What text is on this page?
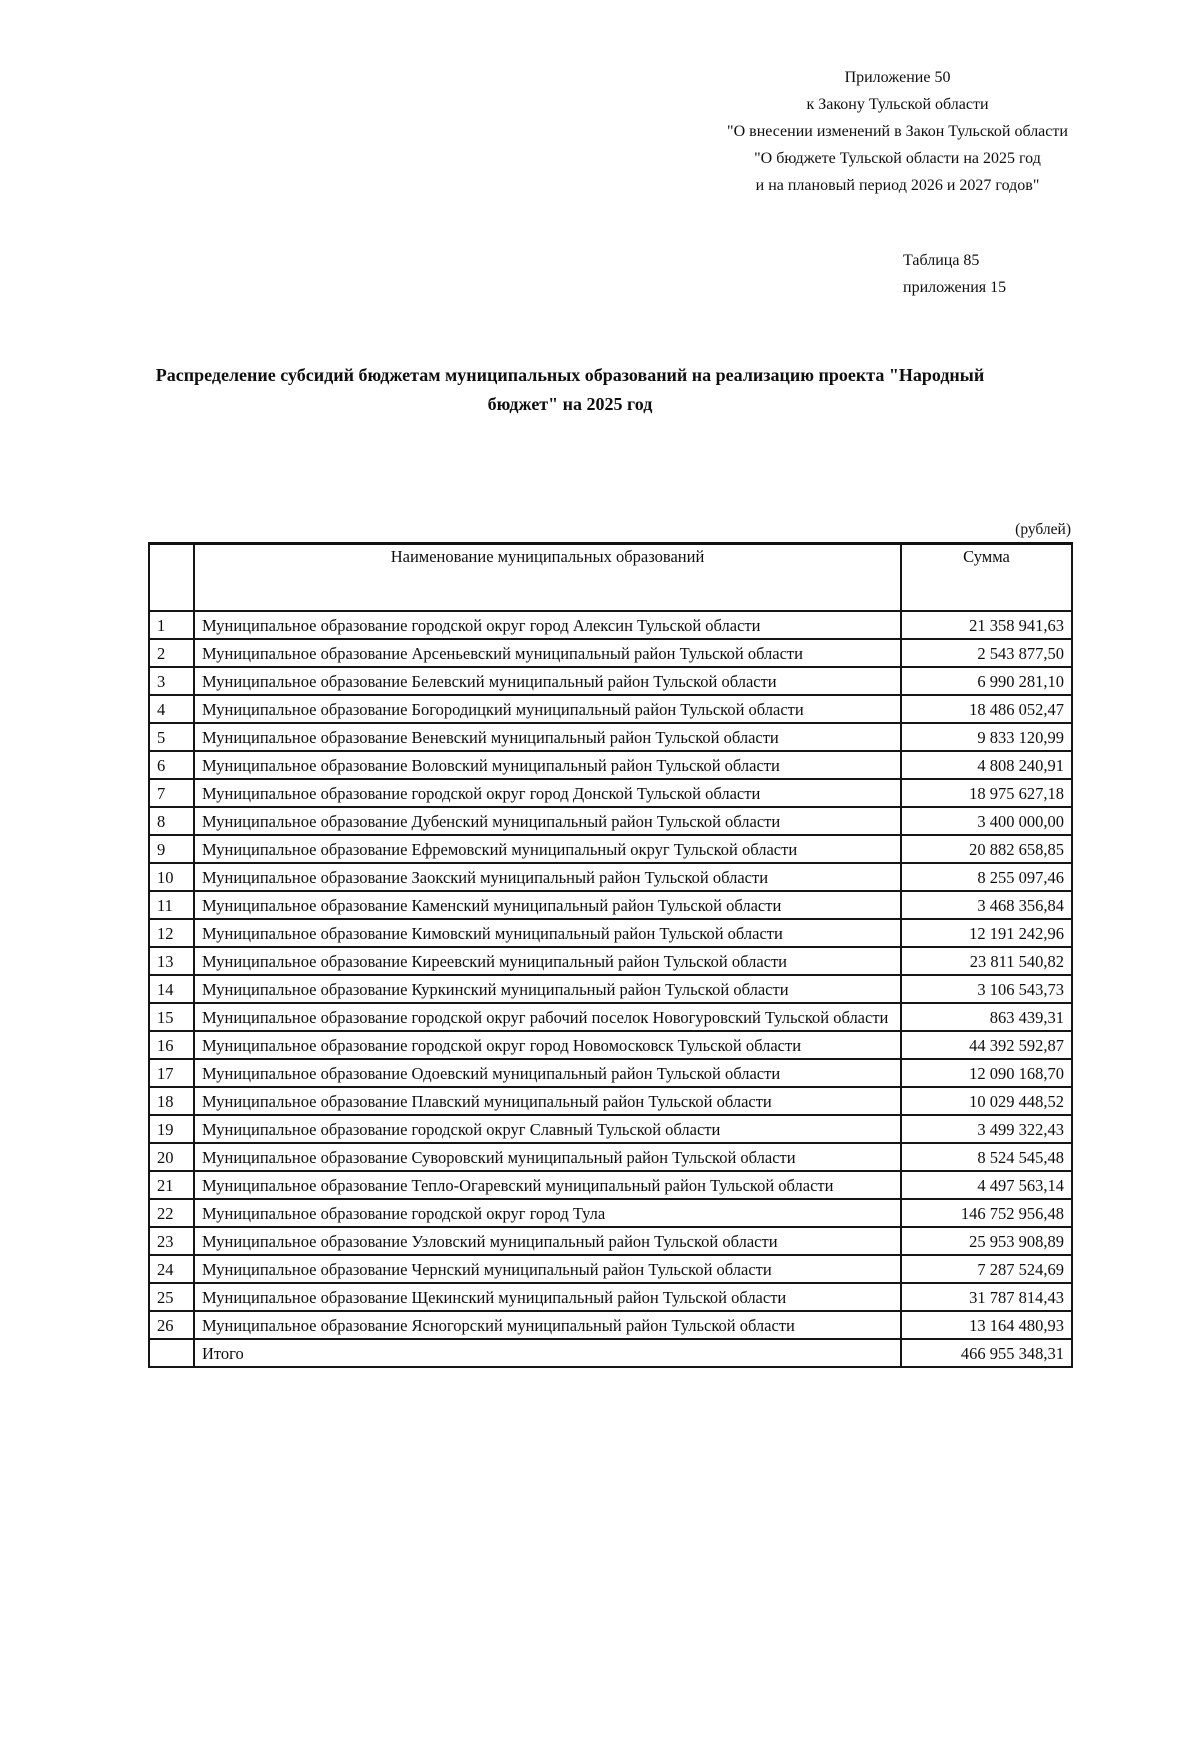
Приложение 50
к Закону Тульской области
"О внесении изменений в Закон Тульской области
"О бюджете Тульской области на 2025 год
и на плановый период 2026 и 2027 годов"
Таблица 85
приложения 15
Распределение субсидий бюджетам муниципальных образований на реализацию проекта "Народный бюджет" на 2025 год
(рублей)
	Наименование муниципальных образований	Сумма
1	Муниципальное образование городской округ город Алексин Тульской области	21 358 941,63
2	Муниципальное образование Арсеньевский муниципальный район Тульской области	2 543 877,50
3	Муниципальное образование Белевский муниципальный район Тульской области	6 990 281,10
4	Муниципальное образование Богородицкий муниципальный район Тульской области	18 486 052,47
5	Муниципальное образование Веневский муниципальный район Тульской области	9 833 120,99
6	Муниципальное образование Воловский муниципальный район Тульской области	4 808 240,91
7	Муниципальное образование городской округ город Донской Тульской области	18 975 627,18
8	Муниципальное образование Дубенский муниципальный район Тульской области	3 400 000,00
9	Муниципальное образование Ефремовский муниципальный округ Тульской области	20 882 658,85
10	Муниципальное образование Заокский муниципальный район Тульской области	8 255 097,46
11	Муниципальное образование Каменский муниципальный район Тульской области	3 468 356,84
12	Муниципальное образование Кимовский муниципальный район Тульской области	12 191 242,96
13	Муниципальное образование Киреевский муниципальный район Тульской области	23 811 540,82
14	Муниципальное образование Куркинский муниципальный район Тульской области	3 106 543,73
15	Муниципальное образование городской округ рабочий поселок Новогуровский Тульской области	863 439,31
16	Муниципальное образование городской округ город Новомосковск Тульской области	44 392 592,87
17	Муниципальное образование Одоевский муниципальный район Тульской области	12 090 168,70
18	Муниципальное образование Плавский муниципальный район Тульской области	10 029 448,52
19	Муниципальное образование городской округ Славный Тульской области	3 499 322,43
20	Муниципальное образование Суворовский муниципальный район Тульской области	8 524 545,48
21	Муниципальное образование Тепло-Огаревский муниципальный район Тульской области	4 497 563,14
22	Муниципальное образование городской округ город Тула	146 752 956,48
23	Муниципальное образование Узловский муниципальный район Тульской области	25 953 908,89
24	Муниципальное образование Чернский муниципальный район Тульской области	7 287 524,69
25	Муниципальное образование Щекинский муниципальный район Тульской области	31 787 814,43
26	Муниципальное образование Ясногорский муниципальный район Тульской области	13 164 480,93
	Итого	466 955 348,31
